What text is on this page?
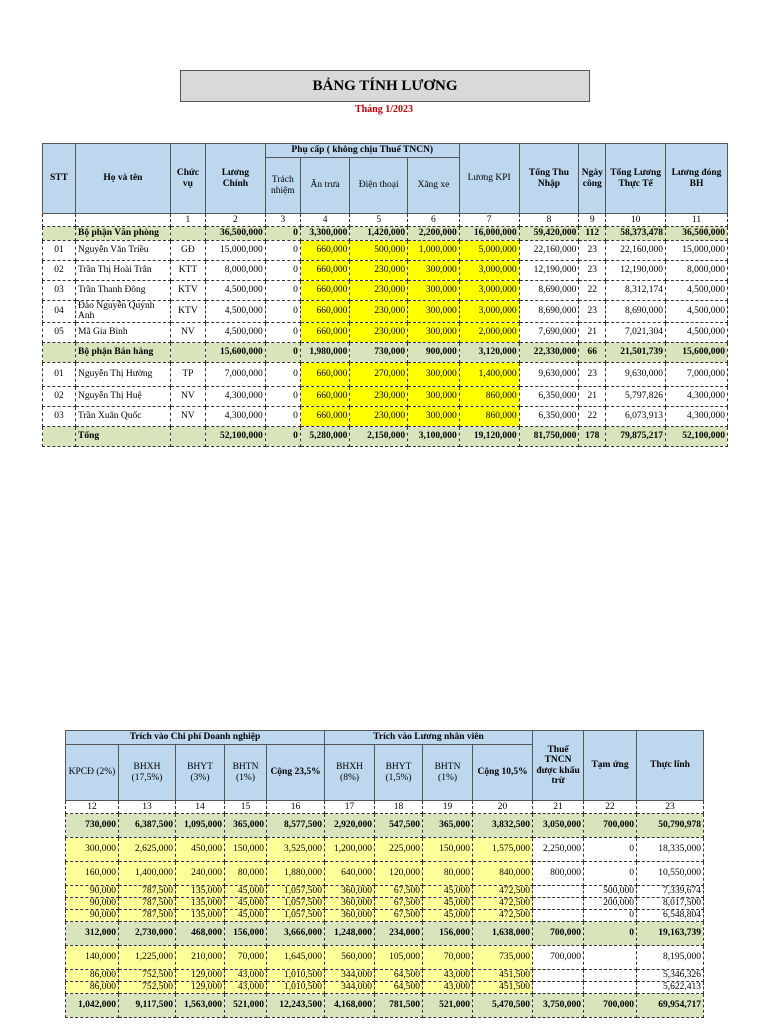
BẢNG TÍNH LƯƠNG
Tháng 1/2023
STT	Họ và tên	Chức vụ	Lương Chính	Phụ cấp ( không chịu Thuế TNCN)				Lương KPI	Tổng Thu Nhập	Ngày công	Tổng Lương Thực Tế	Lương đóng BH
				Trách nhiệm	Ăn trưa	Điện thoại	Xăng xe					
		1	2	3	4	5	6	7	8	9	10	11
	Bộ phận Văn phòng		36,500,000	0	3,300,000	1,420,000	2,200,000	16,000,000	59,420,000	112	58,373,478	36,500,000
01	Nguyễn Văn Triều	GĐ	15,000,000	0	660,000	500,000	1,000,000	5,000,000	22,160,000	23	22,160,000	15,000,000
02	Trần Thị Hoài Trân	KTT	8,000,000	0	660,000	230,000	300,000	3,000,000	12,190,000	23	12,190,000	8,000,000
03	Trần Thanh Đông	KTV	4,500,000	0	660,000	230,000	300,000	3,000,000	8,690,000	22	8,312,174	4,500,000
04	Đào Nguyễn Quỳnh Anh	KTV	4,500,000	0	660,000	230,000	300,000	3,000,000	8,690,000	23	8,690,000	4,500,000
05	Mã Gia Bình	NV	4,500,000	0	660,000	230,000	300,000	2,000,000	7,690,000	21	7,021,304	4,500,000
	Bộ phận Bán hàng		15,600,000	0	1,980,000	730,000	900,000	3,120,000	22,330,000	66	21,501,739	15,600,000
01	Nguyễn Thị Hường	TP	7,000,000	0	660,000	270,000	300,000	1,400,000	9,630,000	23	9,630,000	7,000,000
02	Nguyễn Thị Huệ	NV	4,300,000	0	660,000	230,000	300,000	860,000	6,350,000	21	5,797,826	4,300,000
03	Trần Xuân Quốc	NV	4,300,000	0	660,000	230,000	300,000	860,000	6,350,000	22	6,073,913	4,300,000
	Tổng		52,100,000	0	5,280,000	2,150,000	3,100,000	19,120,000	81,750,000	178	79,875,217	52,100,000
Trích vào Chi phí Doanh nghiệp					Trích vào Lương nhân viên				Thuế TNCN được khấu trừ	Tạm ứng	Thực lĩnh
KPCĐ (2%)	BHXH (17,5%)	BHYT (3%)	BHTN (1%)	Cộng 23,5%	BHXH (8%)	BHYT (1,5%)	BHTN (1%)	Cộng 10,5%			
12	13	14	15	16	17	18	19	20	21	22	23
730,000	6,387,500	1,095,000	365,000	8,577,500	2,920,000	547,500	365,000	3,832,500	3,050,000	700,000	50,790,978
300,000	2,625,000	450,000	150,000	3,525,000	1,200,000	225,000	150,000	1,575,000	2,250,000	0	18,335,000
160,000	1,400,000	240,000	80,000	1,880,000	640,000	120,000	80,000	840,000	800,000	0	10,550,000
90,000	787,500	135,000	45,000	1,057,500	360,000	67,500	45,000	472,500		500,000	7,339,674
90,000	787,500	135,000	45,000	1,057,500	360,000	67,500	45,000	472,500		200,000	8,017,500
90,000	787,500	135,000	45,000	1,057,500	360,000	67,500	45,000	472,500		0	6,548,804
312,000	2,730,000	468,000	156,000	3,666,000	1,248,000	234,000	156,000	1,638,000	700,000	0	19,163,739
140,000	1,225,000	210,000	70,000	1,645,000	560,000	105,000	70,000	735,000	700,000		8,195,000
86,000	752,500	129,000	43,000	1,010,500	344,000	64,500	43,000	451,500			5,346,326
86,000	752,500	129,000	43,000	1,010,500	344,000	64,500	43,000	451,500			5,622,413
1,042,000	9,117,500	1,563,000	521,000	12,243,500	4,168,000	781,500	521,000	5,470,500	3,750,000	700,000	69,954,717
